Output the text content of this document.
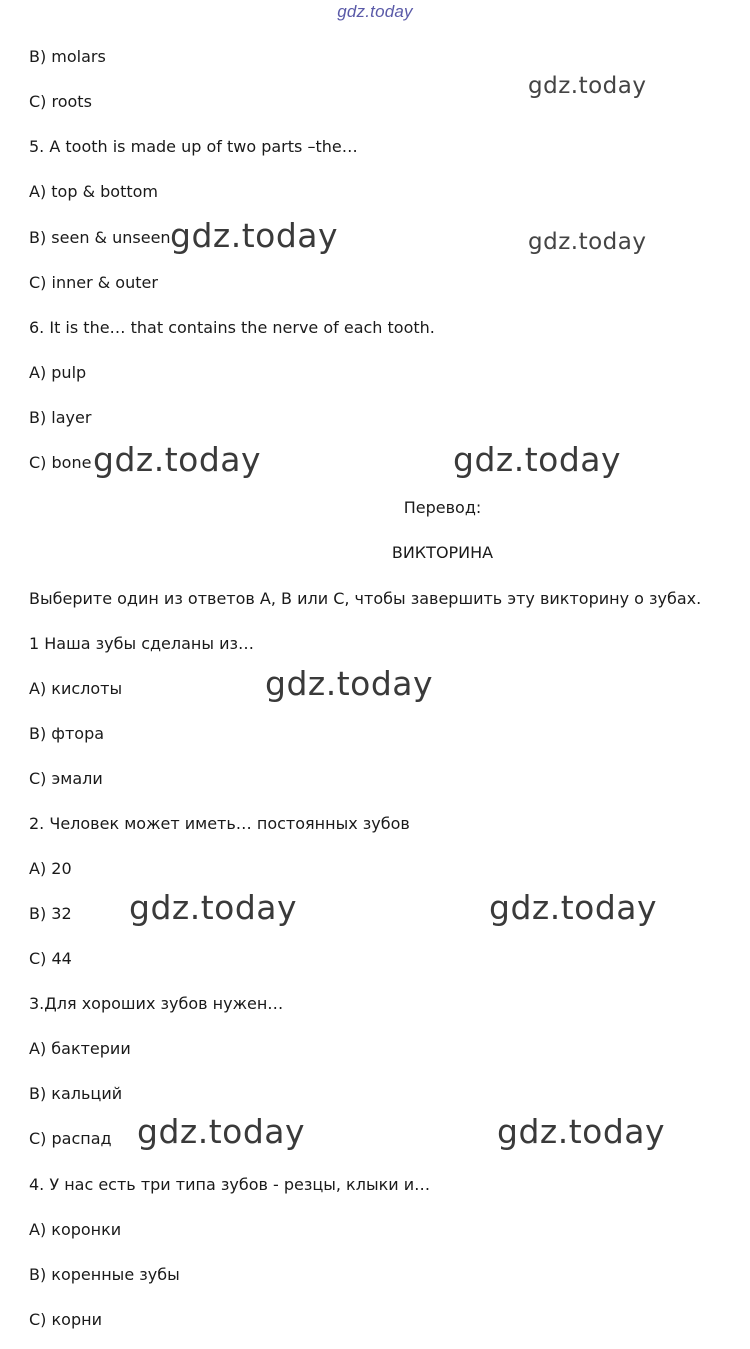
gdz.today
B) molars
C) roots
5. A tooth is made up of two parts –the…
A) top & bottom
B) seen & unseen
C) inner & outer
6. It is the… that contains the nerve of each tooth.
A) pulp
B) layer
C) bone
Перевод:
ВИКТОРИНА
Выберите один из ответов A, B или C, чтобы завершить эту викторину о зубах.
1 Наша зубы сделаны из…
A) кислоты
B) фтора
C) эмали
2. Человек может иметь… постоянных зубов
A) 20
B) 32
C) 44
3.Для хороших зубов нужен…
A) бактерии
B) кальций
C) распад
4. У нас есть три типа зубов - резцы, клыки и…
A) коронки
B) коренные зубы
C) корни
gdz.today
gdz.today	gdz.today
gdz.today	gdz.today
gdz.today
gdz.today	gdz.today
gdz.today	gdz.today
